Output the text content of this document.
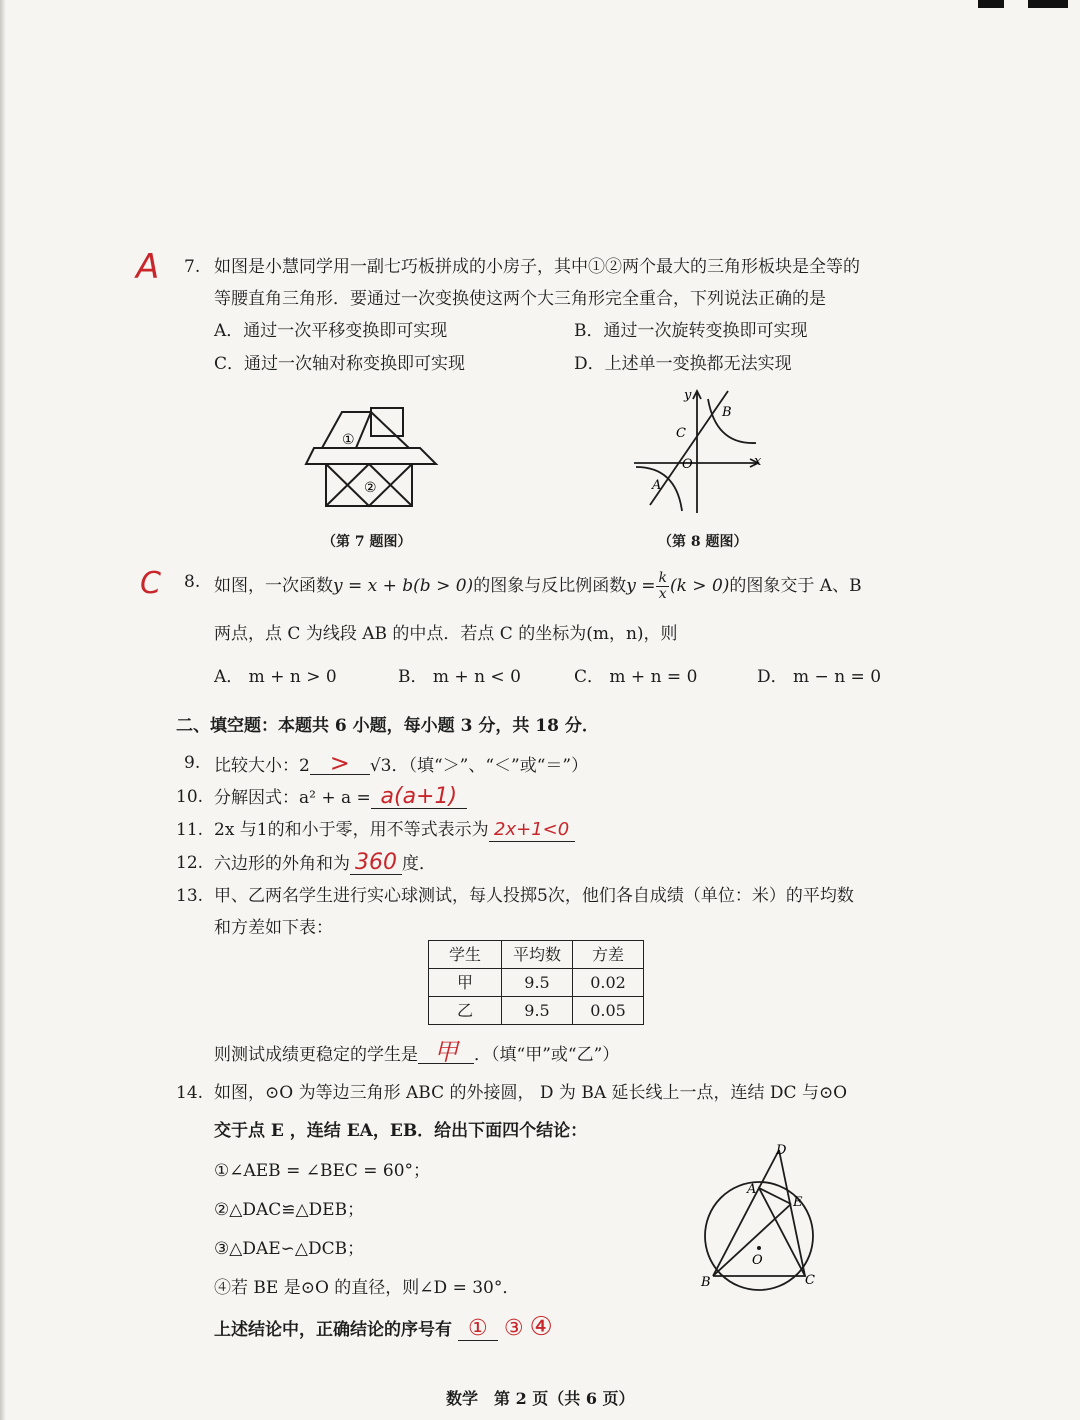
A 7. 如图是小慧同学用一副七巧板拼成的小房子，其中①②两个最大的三角形板块是全等的
等腰直角三角形．要通过一次变换使这两个大三角形完全重合，下列说法正确的是
A．通过一次平移变换即可实现	B．通过一次旋转变换即可实现
C．通过一次轴对称变换即可实现	D．上述单一变换都无法实现
①
②
y
x
O
A
B
C
（第 7 题图）	（第 8 题图）
C 8. 如图，一次函数y = x + b(b > 0)的图象与反比例函数$y = \frac{k}{x} (k > 0)$的图象交于 A、B
两点，点 C 为线段 AB 的中点．若点 C 的坐标为(m，n)，则
A． m + n > 0	B． m + n < 0	C． m + n = 0	D． m − n = 0
二、填空题：本题共 6 小题，每小题 3 分，共 18 分．
9. 比较大小：2 > √3．（填“＞”、“＜”或“＝”）
10. 分解因式：a² + a = a(a+1)
11. 2x 与1的和小于零，用不等式表示为 2x+1<0
12. 六边形的外角和为 360 度．
13. 甲、乙两名学生进行实心球测试，每人投掷5次，他们各自成绩（单位：米）的平均数
和方差如下表：
学生	平均数	方差
甲	9.5	0.02
乙	9.5	0.05
则测试成绩更稳定的学生是 甲 ．（填“甲”或“乙”）
14. 如图，⊙O 为等边三角形 ABC 的外接圆， D 为 BA 延长线上一点，连结 DC 与⊙O
交于点 E ，连结 EA，EB．给出下面四个结论：
①∠AEB = ∠BEC = 60°；
②△DAC≌△DEB；
③△DAE∽△DCB；
④若 BE 是⊙O 的直径，则∠D = 30°．
上述结论中，正确结论的序号有 ① ③ ④
D
A
E
O
B	C
数学　第 2 页（共 6 页）
